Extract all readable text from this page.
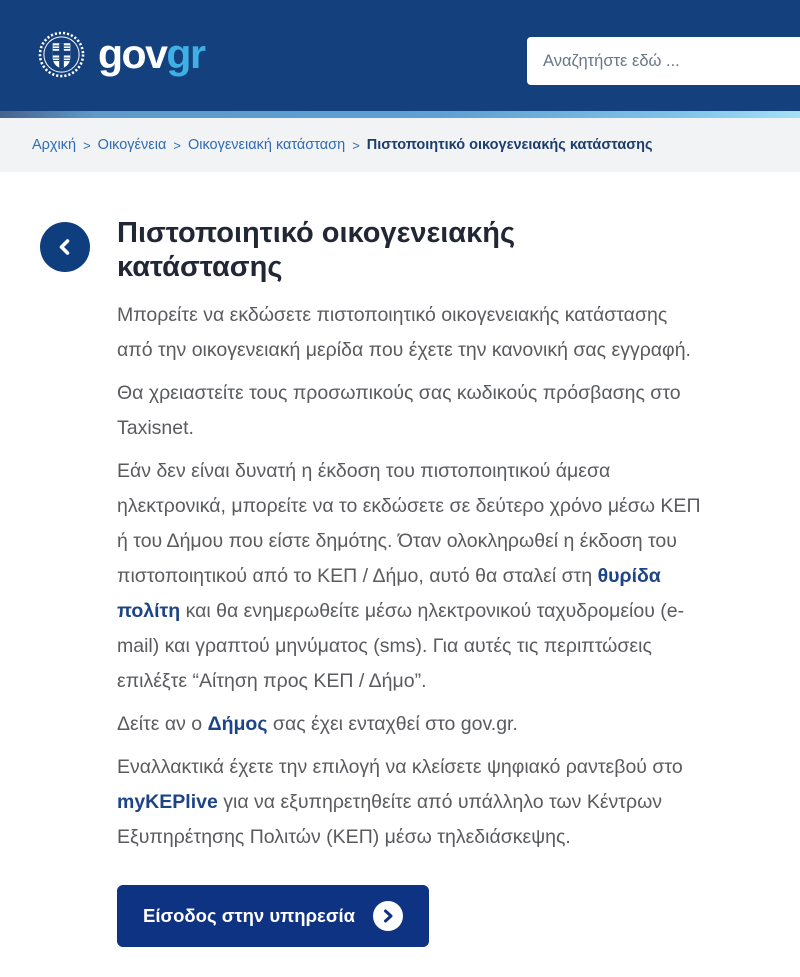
govgr
Αναζητήστε εδώ ...
Αρχική > Οικογένεια > Οικογενειακή κατάσταση > Πιστοποιητικό οικογενειακής κατάστασης
Πιστοποιητικό οικογενειακής κατάστασης

Μπορείτε να εκδώσετε πιστοποιητικό οικογενειακής κατάστασης από την οικογενειακή μερίδα που έχετε την κανονική σας εγγραφή.

Θα χρειαστείτε τους προσωπικούς σας κωδικούς πρόσβασης στο Taxisnet.

Εάν δεν είναι δυνατή η έκδοση του πιστοποιητικού άμεσα ηλεκτρονικά, μπορείτε να το εκδώσετε σε δεύτερο χρόνο μέσω ΚΕΠ ή του Δήμου που είστε δημότης. Όταν ολοκληρωθεί η έκδοση του πιστοποιητικού από το ΚΕΠ / Δήμο, αυτό θα σταλεί στη θυρίδα πολίτη και θα ενημερωθείτε μέσω ηλεκτρονικού ταχυδρομείου (e-mail) και γραπτού μηνύματος (sms). Για αυτές τις περιπτώσεις επιλέξτε “Αίτηση προς ΚΕΠ / Δήμο”.

Δείτε αν ο Δήμος σας έχει ενταχθεί στο gov.gr.

Εναλλακτικά έχετε την επιλογή να κλείσετε ψηφιακό ραντεβού στο myKEPlive για να εξυπηρετηθείτε από υπάλληλο των Κέντρων Εξυπηρέτησης Πολιτών (ΚΕΠ) μέσω τηλεδιάσκεψης.

Είσοδος στην υπηρεσία
